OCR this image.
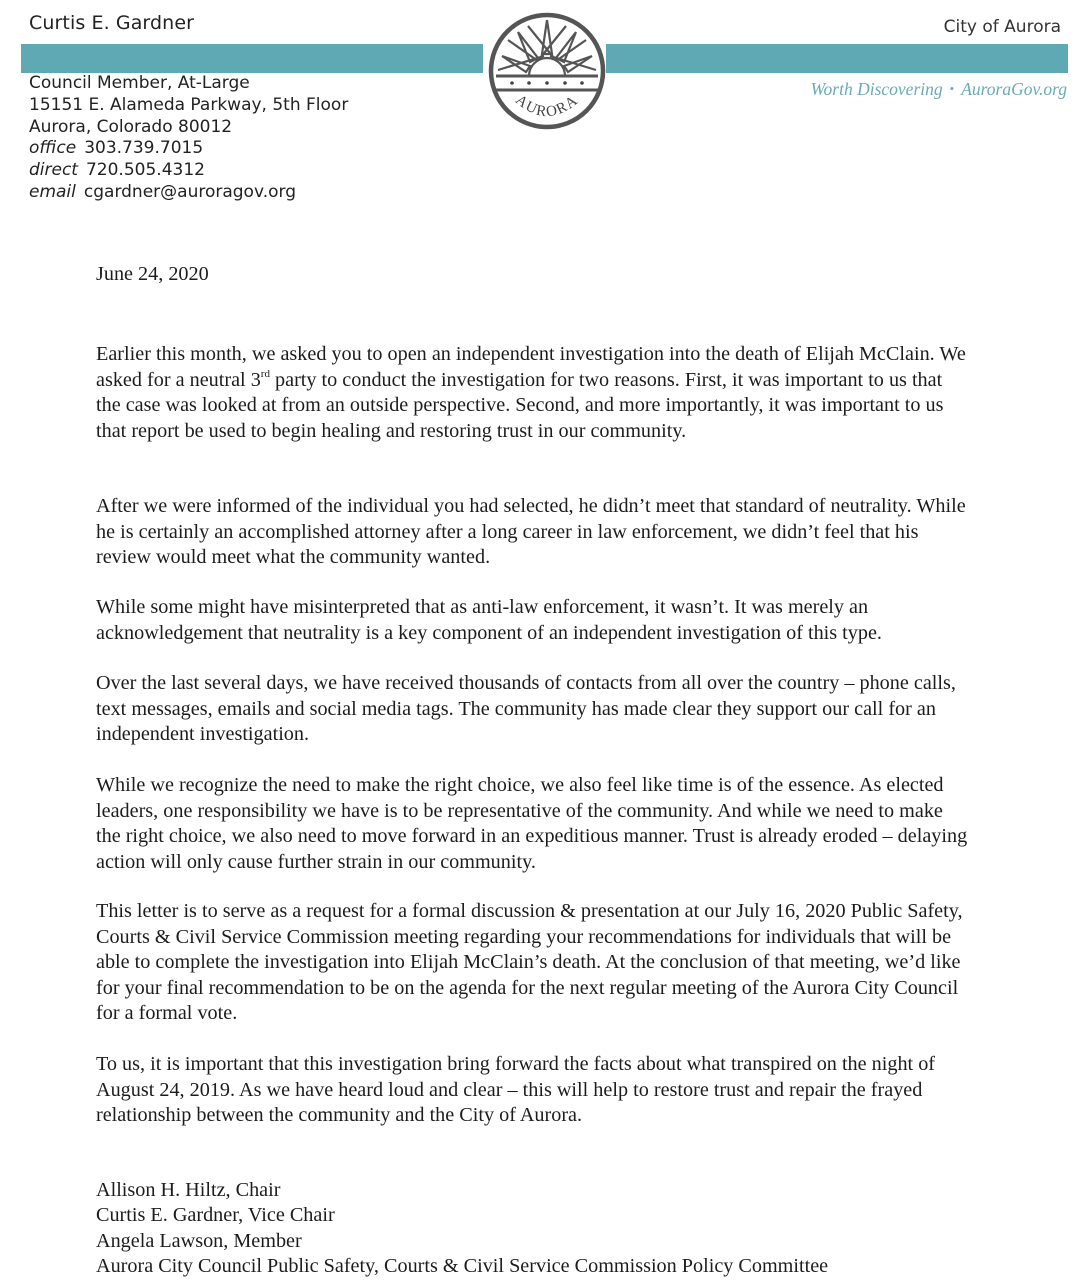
Curtis E. Gardner	City of Aurora
AURORA
Council Member, At-Large
15151 E. Alameda Parkway, 5th Floor
Aurora, Colorado 80012
office 303.739.7015
direct 720.505.4312
email cgardner@auroragov.org
Worth Discovering • AuroraGov.org
June 24, 2020

Earlier this month, we asked you to open an independent investigation into the death of Elijah McClain. We asked for a neutral 3rd party to conduct the investigation for two reasons. First, it was important to us that the case was looked at from an outside perspective. Second, and more importantly, it was important to us that report be used to begin healing and restoring trust in our community.

After we were informed of the individual you had selected, he didn’t meet that standard of neutrality. While he is certainly an accomplished attorney after a long career in law enforcement, we didn’t feel that his review would meet what the community wanted.

While some might have misinterpreted that as anti-law enforcement, it wasn’t. It was merely an acknowledgement that neutrality is a key component of an independent investigation of this type.

Over the last several days, we have received thousands of contacts from all over the country – phone calls, text messages, emails and social media tags. The community has made clear they support our call for an independent investigation.

While we recognize the need to make the right choice, we also feel like time is of the essence. As elected leaders, one responsibility we have is to be representative of the community. And while we need to make the right choice, we also need to move forward in an expeditious manner. Trust is already eroded – delaying action will only cause further strain in our community.

This letter is to serve as a request for a formal discussion & presentation at our July 16, 2020 Public Safety, Courts & Civil Service Commission meeting regarding your recommendations for individuals that will be able to complete the investigation into Elijah McClain’s death. At the conclusion of that meeting, we’d like for your final recommendation to be on the agenda for the next regular meeting of the Aurora City Council for a formal vote.

To us, it is important that this investigation bring forward the facts about what transpired on the night of August 24, 2019. As we have heard loud and clear – this will help to restore trust and repair the frayed relationship between the community and the City of Aurora.

Allison H. Hiltz, Chair
Curtis E. Gardner, Vice Chair
Angela Lawson, Member
Aurora City Council Public Safety, Courts & Civil Service Commission Policy Committee
